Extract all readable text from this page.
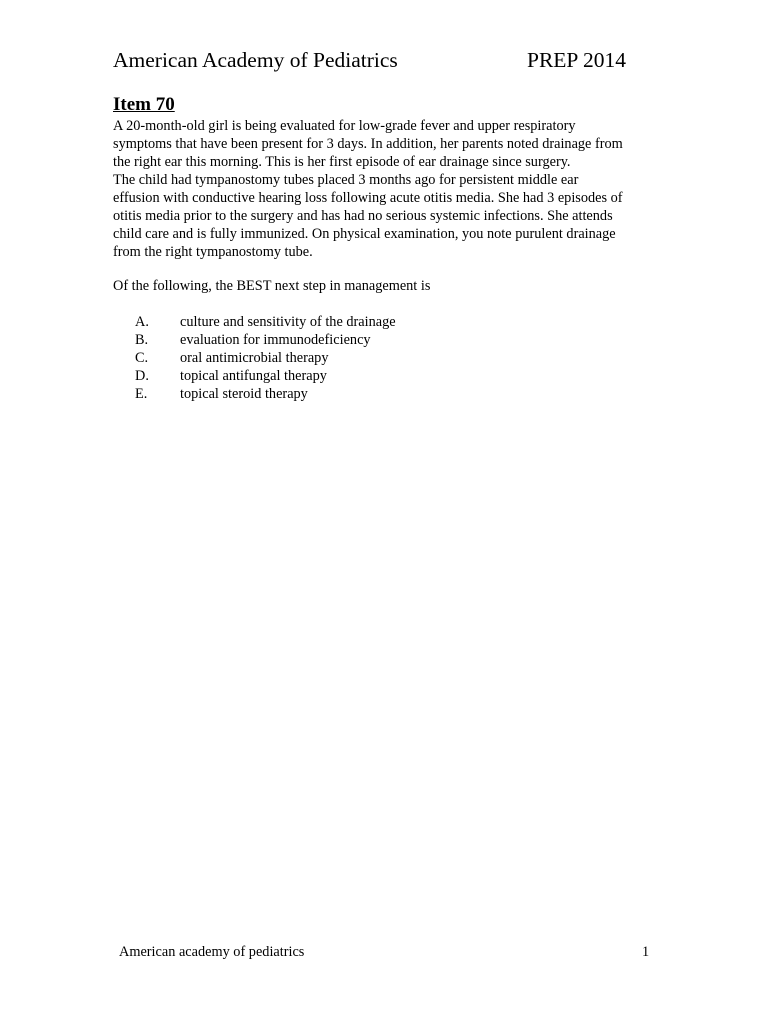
American Academy of Pediatrics	PREP 2014
Item 70
A 20-month-old girl is being evaluated for low-grade fever and upper respiratory
symptoms that have been present for 3 days. In addition, her parents noted drainage from
the right ear this morning. This is her first episode of ear drainage since surgery.
The child had tympanostomy tubes placed 3 months ago for persistent middle ear
effusion with conductive hearing loss following acute otitis media. She had 3 episodes of
otitis media prior to the surgery and has had no serious systemic infections. She attends
child care and is fully immunized. On physical examination, you note purulent drainage
from the right tympanostomy tube.
Of the following, the BEST next step in management is
A.	culture and sensitivity of the drainage
B.	evaluation for immunodeficiency
C.	oral antimicrobial therapy
D.	topical antifungal therapy
E.	topical steroid therapy
American academy of pediatrics	1
